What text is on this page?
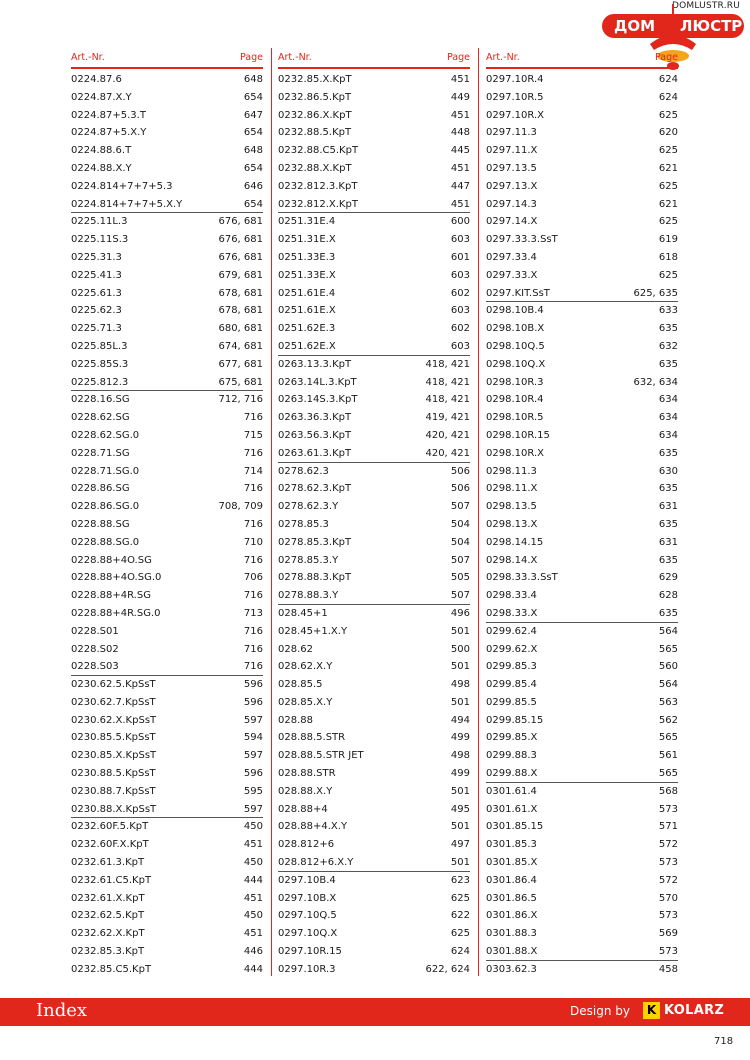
DOMLUSTR.RU
ДОМ ЛЮСТР
Art.-Nr.	Page
0224.87.6	648
0224.87.X.Y	654
0224.87+5.3.T	647
0224.87+5.X.Y	654
0224.88.6.T	648
0224.88.X.Y	654
0224.814+7+7+5.3	646
0224.814+7+7+5.X.Y	654
0225.11L.3	676, 681
0225.11S.3	676, 681
0225.31.3	676, 681
0225.41.3	679, 681
0225.61.3	678, 681
0225.62.3	678, 681
0225.71.3	680, 681
0225.85L.3	674, 681
0225.85S.3	677, 681
0225.812.3	675, 681
0228.16.SG	712, 716
0228.62.SG	716
0228.62.SG.0	715
0228.71.SG	716
0228.71.SG.0	714
0228.86.SG	716
0228.86.SG.0	708, 709
0228.88.SG	716
0228.88.SG.0	710
0228.88+4O.SG	716
0228.88+4O.SG.0	706
0228.88+4R.SG	716
0228.88+4R.SG.0	713
0228.S01	716
0228.S02	716
0228.S03	716
0230.62.5.KpSsT	596
0230.62.7.KpSsT	596
0230.62.X.KpSsT	597
0230.85.5.KpSsT	594
0230.85.X.KpSsT	597
0230.88.5.KpSsT	596
0230.88.7.KpSsT	595
0230.88.X.KpSsT	597
0232.60F.5.KpT	450
0232.60F.X.KpT	451
0232.61.3.KpT	450
0232.61.C5.KpT	444
0232.61.X.KpT	451
0232.62.5.KpT	450
0232.62.X.KpT	451
0232.85.3.KpT	446
0232.85.C5.KpT	444
Art.-Nr.	Page
0232.85.X.KpT	451
0232.86.5.KpT	449
0232.86.X.KpT	451
0232.88.5.KpT	448
0232.88.C5.KpT	445
0232.88.X.KpT	451
0232.812.3.KpT	447
0232.812.X.KpT	451
0251.31E.4	600
0251.31E.X	603
0251.33E.3	601
0251.33E.X	603
0251.61E.4	602
0251.61E.X	603
0251.62E.3	602
0251.62E.X	603
0263.13.3.KpT	418, 421
0263.14L.3.KpT	418, 421
0263.14S.3.KpT	418, 421
0263.36.3.KpT	419, 421
0263.56.3.KpT	420, 421
0263.61.3.KpT	420, 421
0278.62.3	506
0278.62.3.KpT	506
0278.62.3.Y	507
0278.85.3	504
0278.85.3.KpT	504
0278.85.3.Y	507
0278.88.3.KpT	505
0278.88.3.Y	507
028.45+1	496
028.45+1.X.Y	501
028.62	500
028.62.X.Y	501
028.85.5	498
028.85.X.Y	501
028.88	494
028.88.5.STR	499
028.88.5.STR JET	498
028.88.STR	499
028.88.X.Y	501
028.88+4	495
028.88+4.X.Y	501
028.812+6	497
028.812+6.X.Y	501
0297.10B.4	623
0297.10B.X	625
0297.10Q.5	622
0297.10Q.X	625
0297.10R.15	624
0297.10R.3	622, 624
Art.-Nr.	Page
0297.10R.4	624
0297.10R.5	624
0297.10R.X	625
0297.11.3	620
0297.11.X	625
0297.13.5	621
0297.13.X	625
0297.14.3	621
0297.14.X	625
0297.33.3.SsT	619
0297.33.4	618
0297.33.X	625
0297.KIT.SsT	625, 635
0298.10B.4	633
0298.10B.X	635
0298.10Q.5	632
0298.10Q.X	635
0298.10R.3	632, 634
0298.10R.4	634
0298.10R.5	634
0298.10R.15	634
0298.10R.X	635
0298.11.3	630
0298.11.X	635
0298.13.5	631
0298.13.X	635
0298.14.15	631
0298.14.X	635
0298.33.3.SsT	629
0298.33.4	628
0298.33.X	635
0299.62.4	564
0299.62.X	565
0299.85.3	560
0299.85.4	564
0299.85.5	563
0299.85.15	562
0299.85.X	565
0299.88.3	561
0299.88.X	565
0301.61.4	568
0301.61.X	573
0301.85.15	571
0301.85.3	572
0301.85.X	573
0301.86.4	572
0301.86.5	570
0301.86.X	573
0301.88.3	569
0301.88.X	573
0303.62.3	458
Index	Design by	K KOLARZ
718
